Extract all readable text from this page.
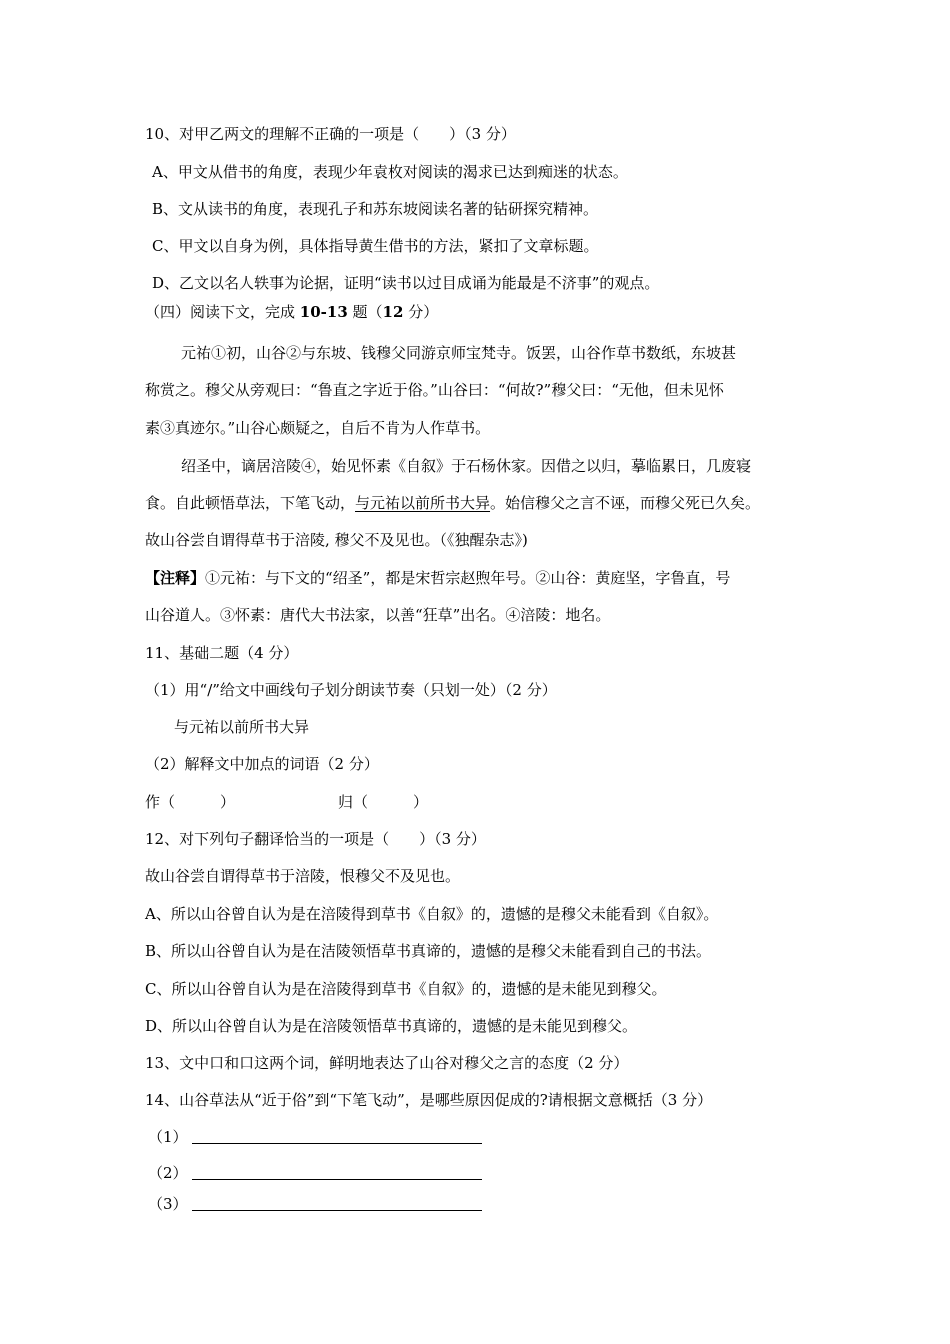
10、对甲乙两文的理解不正确的一项是（　　）（3 分）
A、甲文从借书的角度，表现少年袁枚对阅读的渴求已达到痴迷的状态。
B、文从读书的角度，表现孔子和苏东坡阅读名著的钻研探究精神。
C、甲文以自身为例，具体指导黄生借书的方法，紧扣了文章标题。
D、乙文以名人轶事为论据，证明“读书以过目成诵为能最是不济事”的观点。
（四）阅读下文，完成 10-13 题（12 分）
元祐①初，山谷②与东坡、钱穆父同游京师宝梵寺。饭罢，山谷作草书数纸，东坡甚
称赏之。穆父从旁观曰：“鲁直之字近于俗。”山谷曰：“何故?”穆父曰：“无他，但未见怀
素③真迹尔。”山谷心颇疑之，自后不肯为人作草书。
绍圣中，谪居涪陵④，始见怀素《自叙》于石杨休家。因借之以归，摹临累日，几废寝
食。自此顿悟草法，下笔飞动，与元祐以前所书大异。始信穆父之言不诬，而穆父死已久矣。
故山谷尝自谓得草书于涪陵, 穆父不及见也。（《独醒杂志》)
【注释】①元祐：与下文的“绍圣”，都是宋哲宗赵煦年号。②山谷：黄庭坚，字鲁直，号
山谷道人。③怀素：唐代大书法家，以善“狂草”出名。④涪陵：地名。
11、基础二题（4 分）
（1）用“/”给文中画线句子划分朗读节奏（只划一处）（2 分）
与元祐以前所书大异
（2）解释文中加点的词语（2 分）
作（　　　）	归（　　　）
12、对下列句子翻译恰当的一项是（　　）（3 分）
故山谷尝自谓得草书于涪陵，恨穆父不及见也。
A、所以山谷曾自认为是在涪陵得到草书《自叙》的，遗憾的是穆父未能看到《自叙》。
B、所以山谷曾自认为是在洁陵领悟草书真谛的，遗憾的是穆父未能看到自己的书法。
C、所以山谷曾自认为是在涪陵得到草书《自叙》的，遗憾的是未能见到穆父。
D、所以山谷曾自认为是在涪陵领悟草书真谛的，遗憾的是未能见到穆父。
13、文中口和口这两个词，鲜明地表达了山谷对穆父之言的态度（2 分）
14、山谷草法从“近于俗”到“下笔飞动”，是哪些原因促成的?请根据文意概括（3 分）
（1）
（2）
（3）
